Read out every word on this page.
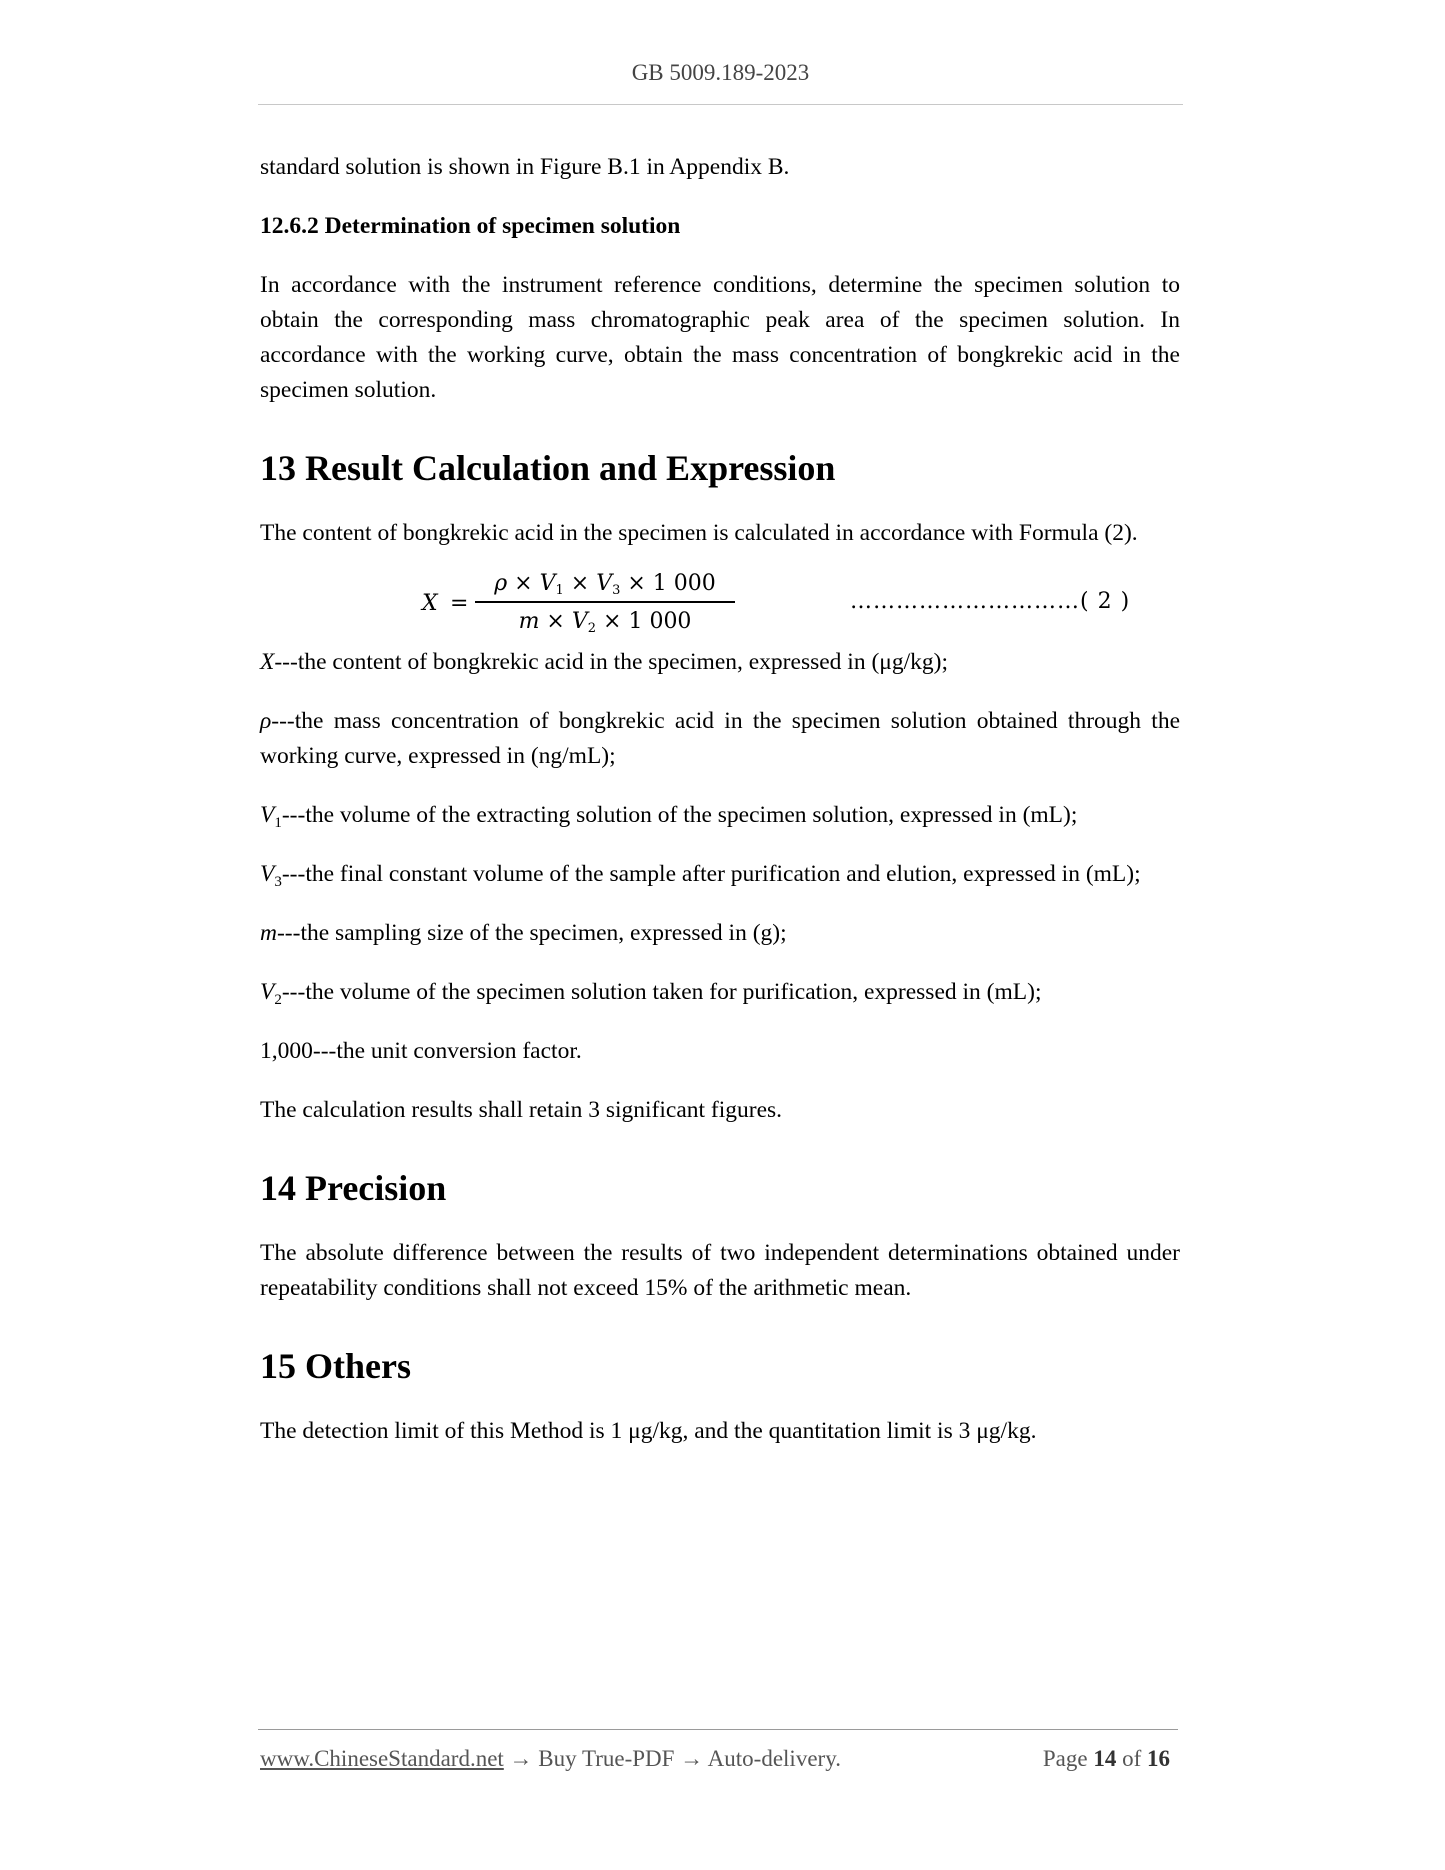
GB 5009.189-2023

standard solution is shown in Figure B.1 in Appendix B.

12.6.2 Determination of specimen solution

In accordance with the instrument reference conditions, determine the specimen solution to obtain the corresponding mass chromatographic peak area of the specimen solution. In accordance with the working curve, obtain the mass concentration of bongkrekic acid in the specimen solution.

13 Result Calculation and Expression

The content of bongkrekic acid in the specimen is calculated in accordance with Formula (2).

X =
$\rho \times V_1 \times V_3 \times 1$ 000
$m \times V_2 \times 1$ 000
…………………………( 2 )

X---the content of bongkrekic acid in the specimen, expressed in (μg/kg);

ρ---the mass concentration of bongkrekic acid in the specimen solution obtained through the working curve, expressed in (ng/mL);

$V_1--$-the volume of the extracting solution of the specimen solution, expressed in (mL);

$V_3--$-the final constant volume of the sample after purification and elution, expressed in (mL);

m---the sampling size of the specimen, expressed in (g);

$V_2--$-the volume of the specimen solution taken for purification, expressed in (mL);

1,000---the unit conversion factor.

The calculation results shall retain 3 significant figures.

14 Precision

The absolute difference between the results of two independent determinations obtained under repeatability conditions shall not exceed 15% of the arithmetic mean.

15 Others

The detection limit of this Method is 1 μg/kg, and the quantitation limit is 3 μg/kg.

www.ChineseStandard.net → Buy True-PDF → Auto-delivery.	Page 14 of 16
